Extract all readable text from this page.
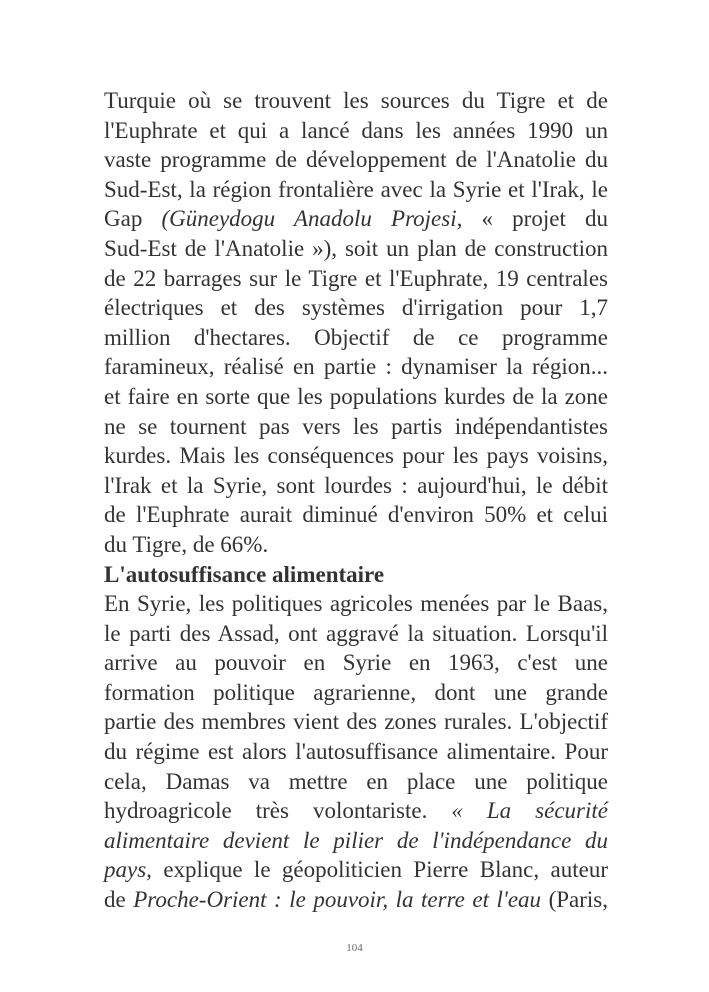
Turquie où se trouvent les sources du Tigre et de
l'Euphrate et qui a lancé dans les années 1990 un
vaste programme de développement de l'Anatolie du
Sud-Est, la région frontalière avec la Syrie et l'Irak, le
Gap (Güneydogu Anadolu Projesi, « projet du
Sud-Est de l'Anatolie »), soit un plan de construction
de 22 barrages sur le Tigre et l'Euphrate, 19 centrales
électriques et des systèmes d'irrigation pour 1,7
million d'hectares. Objectif de ce programme
faramineux, réalisé en partie : dynamiser la région...
et faire en sorte que les populations kurdes de la zone
ne se tournent pas vers les partis indépendantistes
kurdes. Mais les conséquences pour les pays voisins,
l'Irak et la Syrie, sont lourdes : aujourd'hui, le débit
de l'Euphrate aurait diminué d'environ 50% et celui
du Tigre, de 66%.
L'autosuffisance alimentaire
En Syrie, les politiques agricoles menées par le Baas,
le parti des Assad, ont aggravé la situation. Lorsqu'il
arrive au pouvoir en Syrie en 1963, c'est une
formation politique agrarienne, dont une grande
partie des membres vient des zones rurales. L'objectif
du régime est alors l'autosuffisance alimentaire. Pour
cela, Damas va mettre en place une politique
hydroagricole très volontariste. « La sécurité
alimentaire devient le pilier de l'indépendance du
pays, explique le géopoliticien Pierre Blanc, auteur
de Proche-Orient : le pouvoir, la terre et l'eau (Paris,
104
